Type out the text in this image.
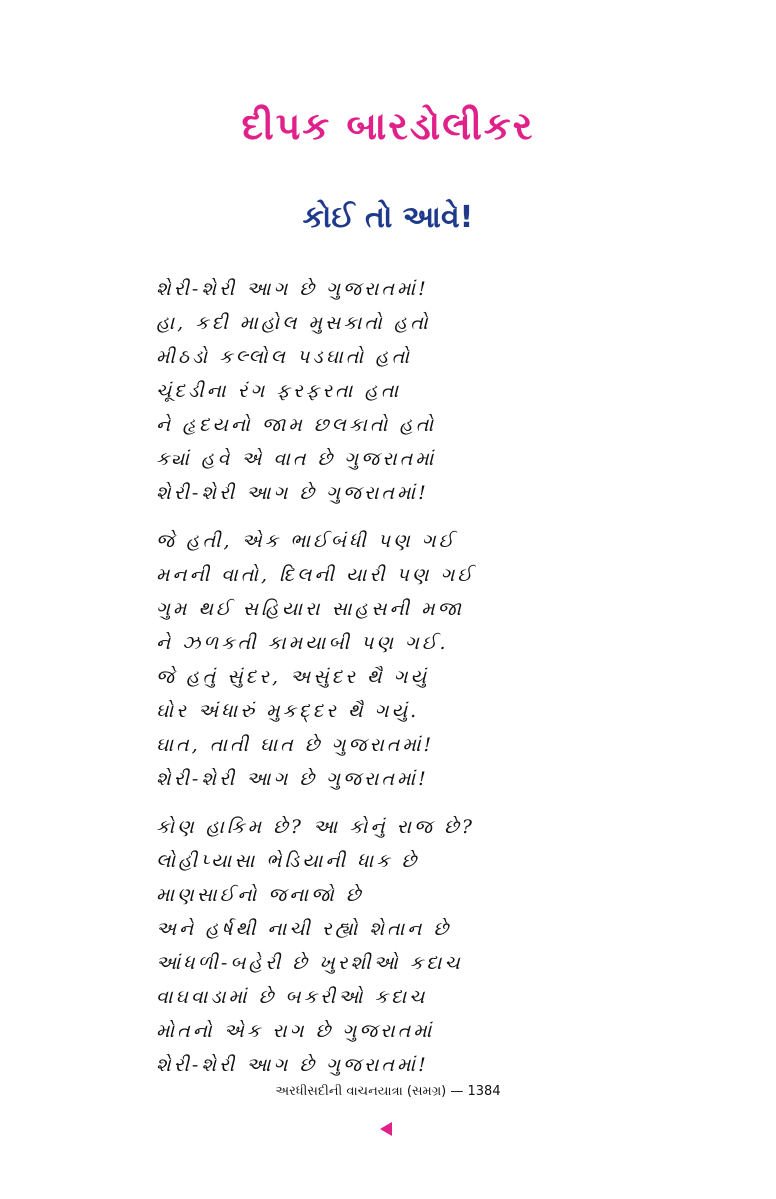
દીપક બારડોલીકર
કોઈ તો આવે!
શેરી-શેરી આગ છે ગુજરાતમાં!
હા, કદી માહોલ મુસકાતો હતો
મીઠડો કલ્લોલ પડઘાતો હતો
ચૂંદડીના રંગ ફરફરતા હતા
ને હૃદયનો જામ છલકાતો હતો
ક્યાં હવે એ વાત છે ગુજરાતમાં
શેરી-શેરી આગ છે ગુજરાતમાં!
જે હતી, એક ભાઈબંધી પણ ગઈ
મનની વાતો, દિલની યારી પણ ગઈ
ગુમ થઈ સહિયારા સાહસની મજા
ને ઝળકતી કામયાબી પણ ગઈ.
જે હતું સુંદર, અસુંદર થૈ ગયું
ઘોર અંધારું મુકદ્દર થૈ ગયું.
ઘાત, તાતી ઘાત છે ગુજરાતમાં!
શેરી-શેરી આગ છે ગુજરાતમાં!
કોણ હાકિમ છે? આ કોનું રાજ છે?
લોહીપ્યાસા ભેડિયાની ધાક છે
માણસાઈનો જનાજો છે
અને હર્ષથી નાચી રહ્યો શેતાન છે
આંધળી-બહેરી છે ખુરશીઓ કદાચ
વાઘવાડામાં છે બકરીઓ કદાચ
મોતનો એક રાગ છે ગુજરાતમાં
શેરી-શેરી આગ છે ગુજરાતમાં!
અરધીસદીની વાચનયાત્રા (સમગ્ર) — 1384
